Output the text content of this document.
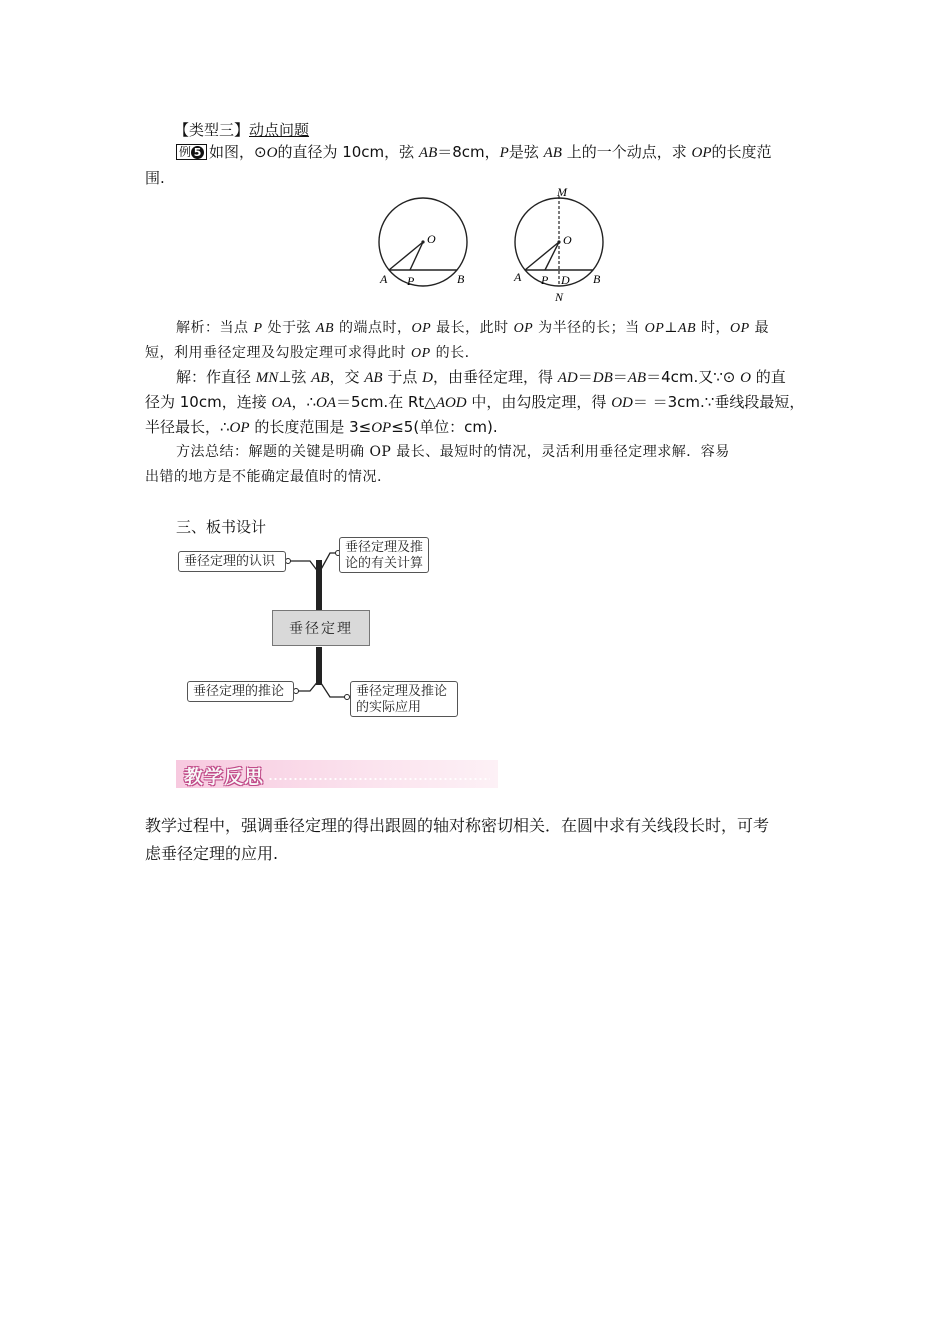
【类型三】动点问题
例 5 如图，⊙O的直径为 10cm，弦 AB＝8cm，P是弦 AB 上的一个动点，求 OP的长度范
围.
O
A P	B
M
O
A P D B
N
解析：当点 P 处于弦 AB 的端点时，OP 最长，此时 OP 为半径的长；当 OP⊥AB 时，OP 最
短，利用垂径定理及勾股定理可求得此时 OP 的长.
解：作直径 MN⊥弦 AB，交 AB 于点 D，由垂径定理，得 AD＝DB＝AB＝4cm.又∵⊙ O 的直
径为 10cm，连接 OA，∴OA＝5cm.在 Rt△AOD 中，由勾股定理，得 OD＝ ＝3cm.∵垂线段最短，
半径最长，∴OP 的长度范围是 3≤OP≤5(单位：cm).
方法总结：解题的关键是明确 OP 最长、最短时的情况，灵活利用垂径定理求解．容易
出错的地方是不能确定最值时的情况.
三、板书设计
垂径定理的认识
垂径定理及推
论的有关计算
垂径定理
垂径定理的推论	垂径定理及推论
的实际应用
教学反思
教学过程中，强调垂径定理的得出跟圆的轴对称密切相关．在圆中求有关线段长时，可考
虑垂径定理的应用.
